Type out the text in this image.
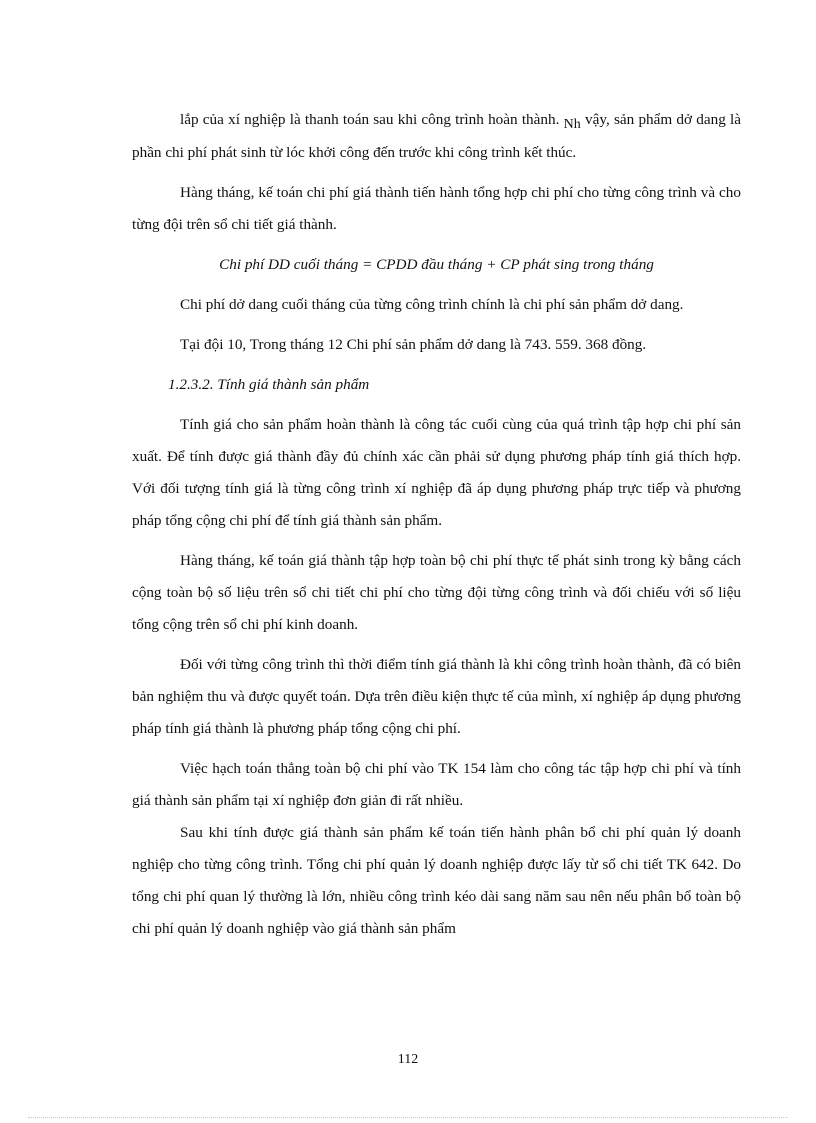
lắp của xí nghiệp là thanh toán sau khi công trình hoàn thành. Nh vậy, sản phẩm dở dang là phần chi phí phát sinh từ lóc khởi công đến trước khi công trình kết thúc.

Hàng tháng, kế toán chi phí giá thành tiến hành tổng hợp chi phí cho từng công trình và cho từng đội trên sổ chi tiết giá thành.

Chi phí DD cuối tháng = CPDD đầu tháng + CP phát sing trong tháng

Chi phí dở dang cuối tháng của từng công trình chính là chi phí sản phẩm dở dang.

Tại đội 10, Trong tháng 12 Chi phí sản phẩm dở dang là 743. 559. 368 đồng.

1.2.3.2. Tính giá thành sản phẩm

Tính giá cho sản phẩm hoàn thành là công tác cuối cùng của quá trình tập hợp chi phí sản xuất. Để tính được giá thành đầy đủ chính xác cần phải sử dụng phương pháp tính giá thích hợp. Với đối tượng tính giá là từng công trình xí nghiệp đã áp dụng phương pháp trực tiếp và phương pháp tổng cộng chi phí để tính giá thành sản phẩm.

Hàng tháng, kế toán giá thành tập hợp toàn bộ chi phí thực tế phát sinh trong kỳ bằng cách cộng toàn bộ số liệu trên sổ chi tiết chi phí cho từng đội từng công trình và đối chiếu với số liệu tổng cộng trên sổ chi phí kinh doanh.

Đối với từng công trình thì thời điểm tính giá thành là khi công trình hoàn thành, đã có biên bản nghiệm thu và được quyết toán. Dựa trên điều kiện thực tế của mình, xí nghiệp áp dụng phương pháp tính giá thành là phương pháp tổng cộng chi phí.

Việc hạch toán thẳng toàn bộ chi phí vào TK 154 làm cho công tác tập hợp chi phí và tính giá thành sản phẩm tại xí nghiệp đơn giản đi rất nhiều.

Sau khi tính được giá thành sản phẩm kế toán tiến hành phân bổ chi phí quản lý doanh nghiệp cho từng công trình. Tổng chi phí quản lý doanh nghiệp được lấy từ sổ chi tiết TK 642. Do tổng chi phí quan lý thường là lớn, nhiều công trình kéo dài sang năm sau nên nếu phân bổ toàn bộ chi phí quản lý doanh nghiệp vào giá thành sản phẩm

112
